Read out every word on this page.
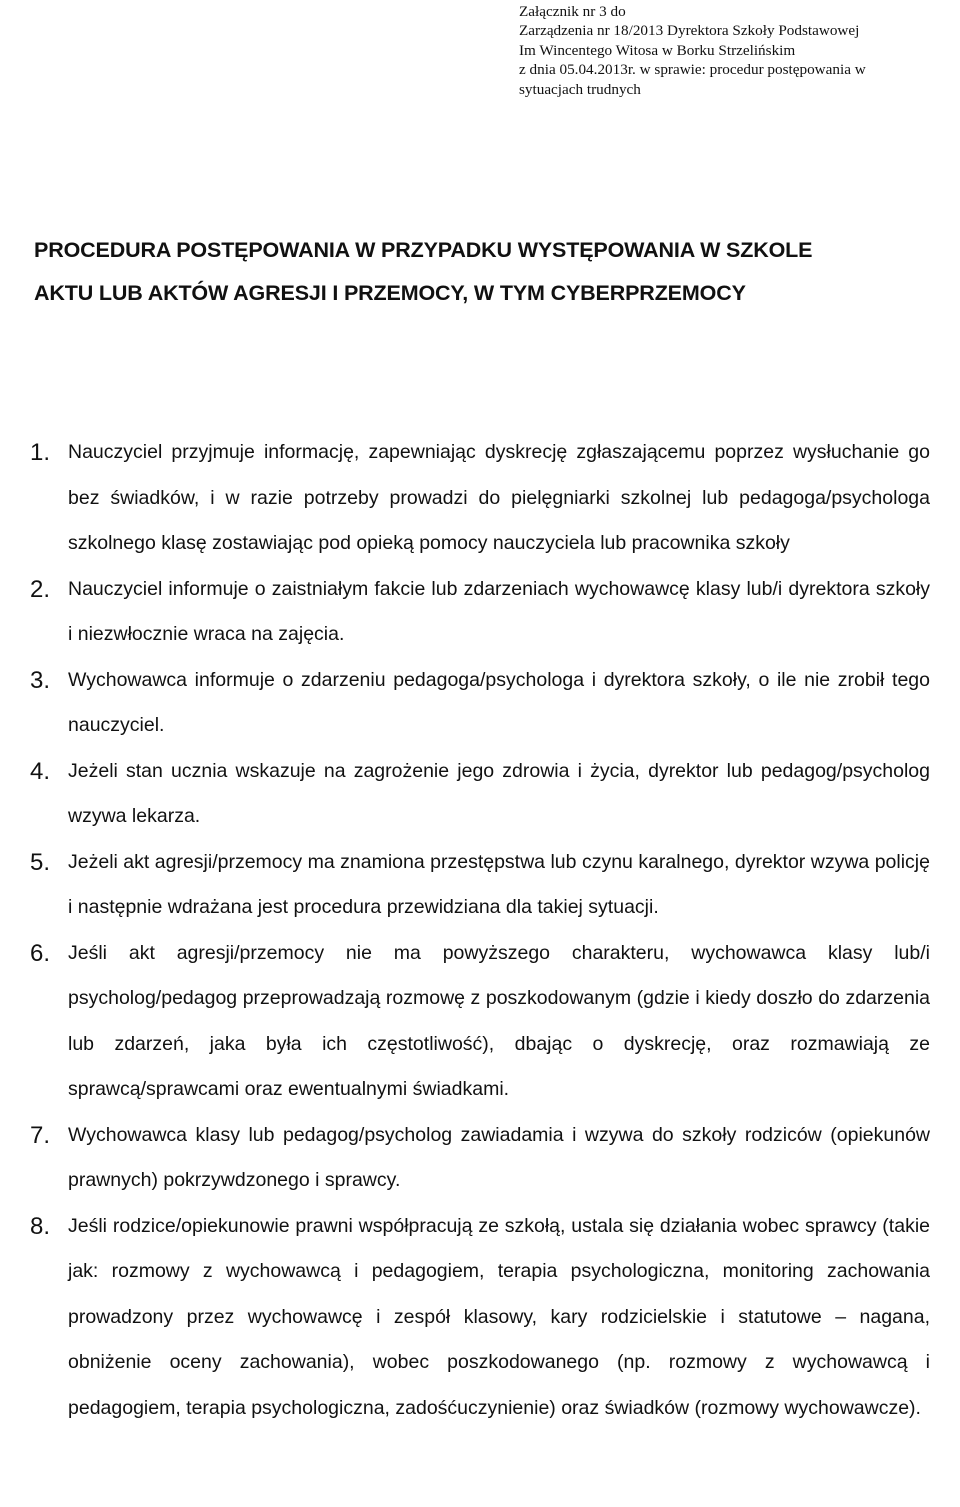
Załącznik nr 3 do
Zarządzenia nr 18/2013 Dyrektora Szkoły Podstawowej
Im Wincentego Witosa w Borku Strzelińskim
z dnia 05.04.2013r. w sprawie: procedur postępowania w
sytuacjach trudnych
PROCEDURA POSTĘPOWANIA W PRZYPADKU WYSTĘPOWANIA W SZKOLE
AKTU LUB AKTÓW AGRESJI I PRZEMOCY, W TYM CYBERPRZEMOCY
1. Nauczyciel przyjmuje informację, zapewniając dyskrecję zgłaszającemu poprzez wysłuchanie go bez świadków, i w razie potrzeby prowadzi do pielęgniarki szkolnej lub pedagoga/psychologa szkolnego klasę zostawiając pod opieką pomocy nauczyciela lub pracownika szkoły
2. Nauczyciel informuje o zaistniałym fakcie lub zdarzeniach wychowawcę klasy lub/i dyrektora szkoły i niezwłocznie wraca na zajęcia.
3. Wychowawca informuje o zdarzeniu pedagoga/psychologa i dyrektora szkoły, o ile nie zrobił tego nauczyciel.
4. Jeżeli stan ucznia wskazuje na zagrożenie jego zdrowia i życia, dyrektor lub pedagog/psycholog wzywa lekarza.
5. Jeżeli akt agresji/przemocy ma znamiona przestępstwa lub czynu karalnego, dyrektor wzywa policję i następnie wdrażana jest procedura przewidziana dla takiej sytuacji.
6. Jeśli akt agresji/przemocy nie ma powyższego charakteru, wychowawca klasy lub/i psycholog/pedagog przeprowadzają rozmowę z poszkodowanym (gdzie i kiedy doszło do zdarzenia lub zdarzeń, jaka była ich częstotliwość), dbając o dyskrecję, oraz rozmawiają ze sprawcą/sprawcami oraz ewentualnymi świadkami.
7. Wychowawca klasy lub pedagog/psycholog zawiadamia i wzywa do szkoły rodziców (opiekunów prawnych) pokrzywdzonego i sprawcy.
8. Jeśli rodzice/opiekunowie prawni współpracują ze szkołą, ustala się działania wobec sprawcy (takie jak: rozmowy z wychowawcą i pedagogiem, terapia psychologiczna, monitoring zachowania prowadzony przez wychowawcę i zespół klasowy, kary rodzicielskie i statutowe – nagana, obniżenie oceny zachowania), wobec poszkodowanego (np. rozmowy z wychowawcą i pedagogiem, terapia psychologiczna, zadośćuczynienie) oraz świadków (rozmowy wychowawcze).
